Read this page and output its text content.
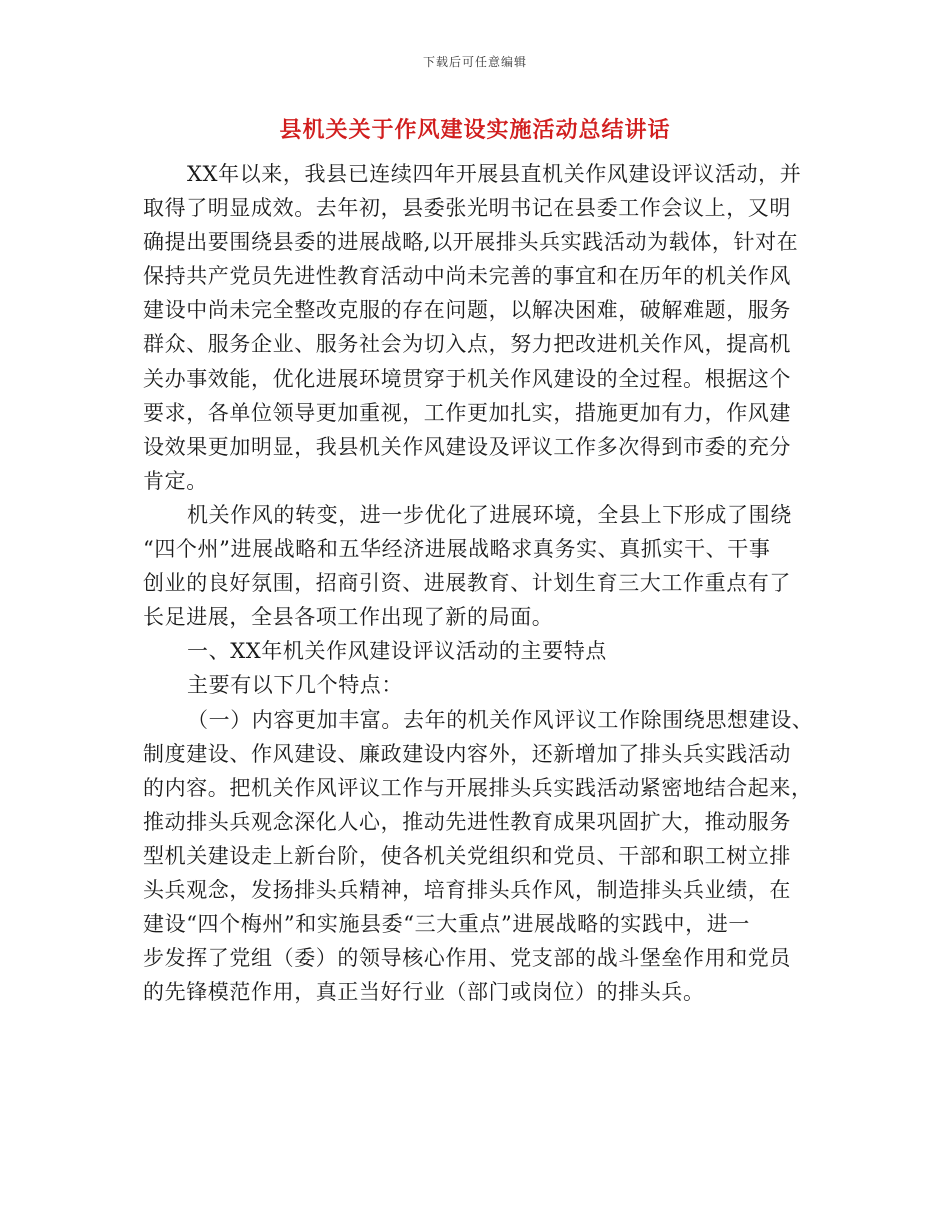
下载后可任意编辑
县机关关于作风建设实施活动总结讲话

XX年以来，我县已连续四年开展县直机关作风建设评议活动，并
取得了明显成效。去年初，县委张光明书记在县委工作会议上，又明
确提出要围绕县委的进展战略,以开展排头兵实践活动为载体，针对在
保持共产党员先进性教育活动中尚未完善的事宜和在历年的机关作风
建设中尚未完全整改克服的存在问题，以解决困难，破解难题，服务
群众、服务企业、服务社会为切入点，努力把改进机关作风，提高机
关办事效能，优化进展环境贯穿于机关作风建设的全过程。根据这个
要求，各单位领导更加重视，工作更加扎实，措施更加有力，作风建
设效果更加明显，我县机关作风建设及评议工作多次得到市委的充分
肯定。

机关作风的转变，进一步优化了进展环境，全县上下形成了围绕
“四个州”进展战略和五华经济进展战略求真务实、真抓实干、干事
创业的良好氛围，招商引资、进展教育、计划生育三大工作重点有了
长足进展，全县各项工作出现了新的局面。

一、XX年机关作风建设评议活动的主要特点

主要有以下几个特点：

（一）内容更加丰富。去年的机关作风评议工作除围绕思想建设、
制度建设、作风建设、廉政建设内容外，还新增加了排头兵实践活动
的内容。把机关作风评议工作与开展排头兵实践活动紧密地结合起来，
推动排头兵观念深化人心，推动先进性教育成果巩固扩大，推动服务
型机关建设走上新台阶，使各机关党组织和党员、干部和职工树立排
头兵观念，发扬排头兵精神，培育排头兵作风，制造排头兵业绩，在
建设“四个梅州”和实施县委“三大重点”进展战略的实践中，进一
步发挥了党组（委）的领导核心作用、党支部的战斗堡垒作用和党员
的先锋模范作用，真正当好行业（部门或岗位）的排头兵。
